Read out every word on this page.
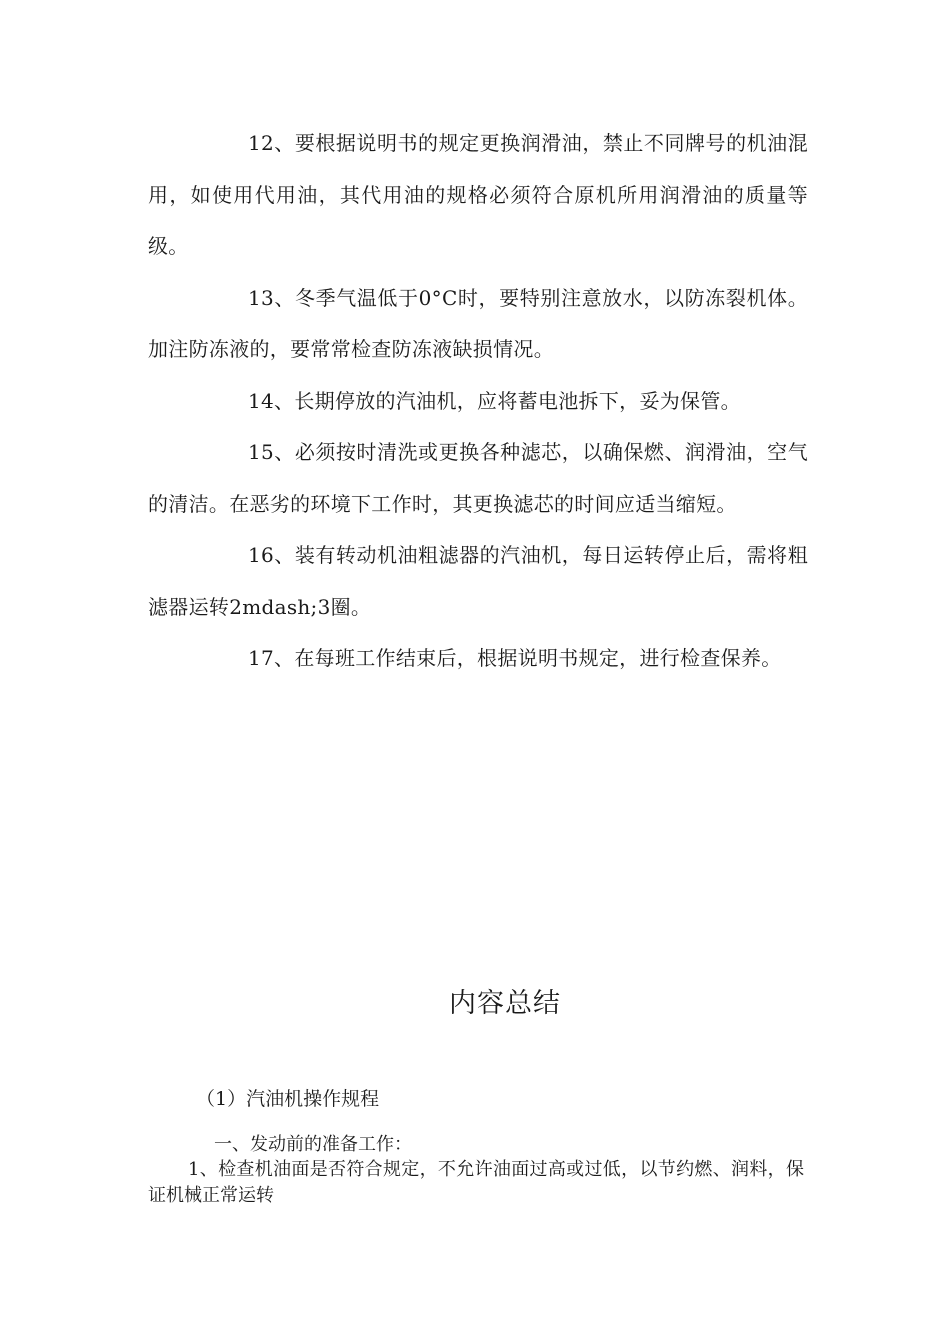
12、要根据说明书的规定更换润滑油，禁止不同牌号的机油混用，如使用代用油，其代用油的规格必须符合原机所用润滑油的质量等级。

13、冬季气温低于0°C时，要特别注意放水，以防冻裂机体。加注防冻液的，要常常检查防冻液缺损情况。

14、长期停放的汽油机，应将蓄电池拆下，妥为保管。

15、必须按时清洗或更换各种滤芯，以确保燃、润滑油，空气的清洁。在恶劣的环境下工作时，其更换滤芯的时间应适当缩短。

16、装有转动机油粗滤器的汽油机，每日运转停止后，需将粗滤器运转2mdash;3圈。

17、在每班工作结束后，根据说明书规定，进行检查保养。

内容总结
（1）汽油机操作规程
一、发动前的准备工作：

1、检查机油面是否符合规定，不允许油面过高或过低，以节约燃、润料，保证机械正常运转
